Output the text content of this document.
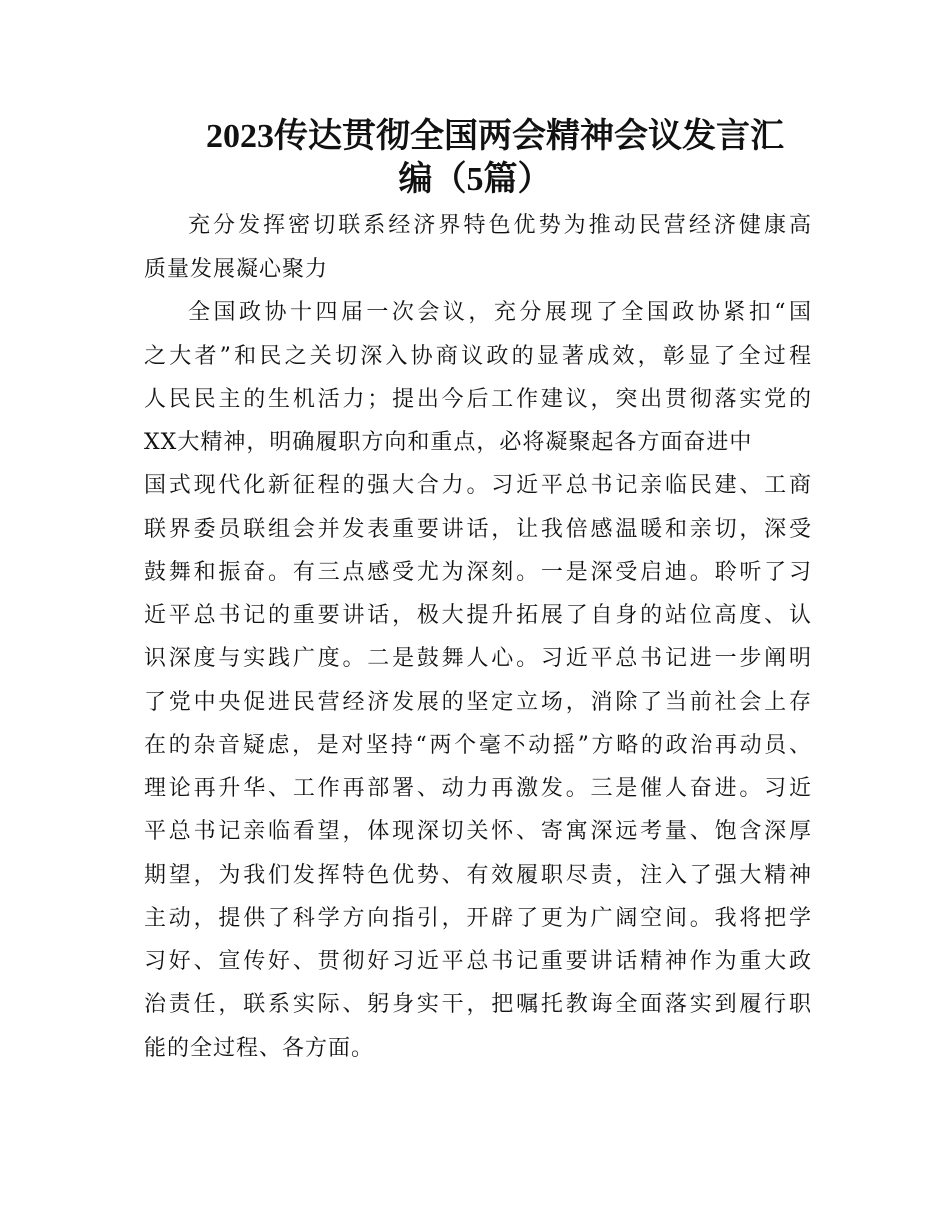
2023传达贯彻全国两会精神会议发言汇
编（5篇）
充分发挥密切联系经济界特色优势为推动民营经济健康高
质量发展凝心聚力
全国政协十四届一次会议，充分展现了全国政协紧扣“国
之大者”和民之关切深入协商议政的显著成效，彰显了全过程
人民民主的生机活力；提出今后工作建议，突出贯彻落实党的
XX大精神，明确履职方向和重点，必将凝聚起各方面奋进中
国式现代化新征程的强大合力。习近平总书记亲临民建、工商
联界委员联组会并发表重要讲话，让我倍感温暖和亲切，深受
鼓舞和振奋。有三点感受尤为深刻。一是深受启迪。聆听了习
近平总书记的重要讲话，极大提升拓展了自身的站位高度、认
识深度与实践广度。二是鼓舞人心。习近平总书记进一步阐明
了党中央促进民营经济发展的坚定立场，消除了当前社会上存
在的杂音疑虑，是对坚持“两个毫不动摇”方略的政治再动员、
理论再升华、工作再部署、动力再激发。三是催人奋进。习近
平总书记亲临看望，体现深切关怀、寄寓深远考量、饱含深厚
期望，为我们发挥特色优势、有效履职尽责，注入了强大精神
主动，提供了科学方向指引，开辟了更为广阔空间。我将把学
习好、宣传好、贯彻好习近平总书记重要讲话精神作为重大政
治责任，联系实际、躬身实干，把嘱托教诲全面落实到履行职
能的全过程、各方面。
